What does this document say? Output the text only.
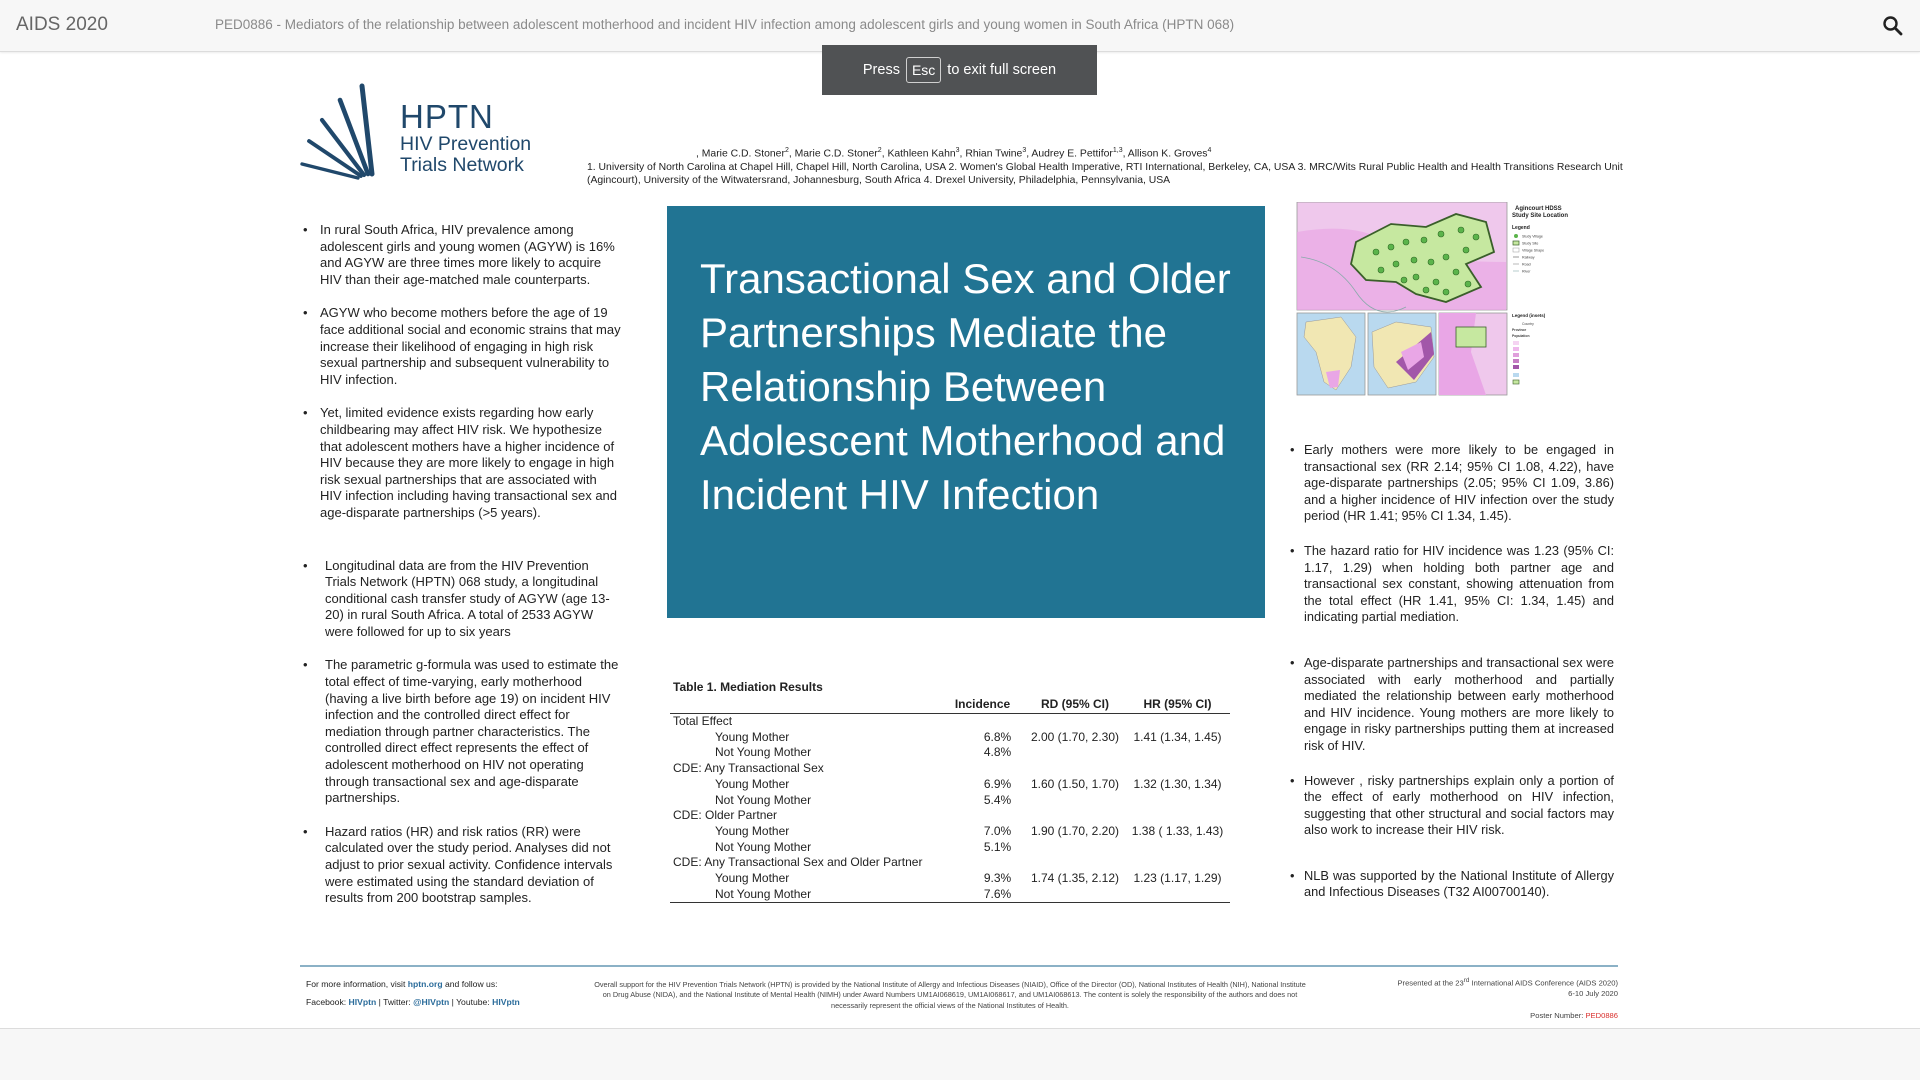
AIDS 2020	PED0886 - Mediators of the relationship between adolescent motherhood and incident HIV infection among adolescent girls and young women in South Africa (HPTN 068)
Press Esc to exit full screen
HPTN
HIV Prevention
Trials Network
, Marie C.D. Stoner$^2$, Marie C.D. Stoner$^2$, Kathleen Kahn$^3$, Rhian Twine$^3$, Audrey E. Pettifor$^{1,3}$, Allison K. Groves$^4$
1. University of North Carolina at Chapel Hill, Chapel Hill, North Carolina, USA 2. Women's Global Health Imperative, RTI International, Berkeley, CA, USA 3. MRC/Wits Rural Public Health and Health Transitions Research Unit (Agincourt), University of the Witwatersrand, Johannesburg, South Africa 4. Drexel University, Philadelphia, Pennsylvania, USA
• In rural South Africa, HIV prevalence among adolescent girls and young women (AGYW) is 16% and AGYW are three times more likely to acquire HIV than their age-matched male counterparts.
• AGYW who become mothers before the age of 19 face additional social and economic strains that may increase their likelihood of engaging in high risk sexual partnership and subsequent vulnerability to HIV infection.
• Yet, limited evidence exists regarding how early childbearing may affect HIV risk. We hypothesize that adolescent mothers have a higher incidence of HIV because they are more likely to engage in high risk sexual partnerships that are associated with HIV infection including having transactional sex and age-disparate partnerships (>5 years).
• Longitudinal data are from the HIV Prevention Trials Network (HPTN) 068 study, a longitudinal conditional cash transfer study of AGYW (age 13-20) in rural South Africa. A total of 2533 AGYW were followed for up to six years
• The parametric g-formula was used to estimate the total effect of time-varying, early motherhood (having a live birth before age 19) on incident HIV infection and the controlled direct effect for mediation through partner characteristics. The controlled direct effect represents the effect of adolescent motherhood on HIV not operating through transactional sex and age-disparate partnerships.
• Hazard ratios (HR) and risk ratios (RR) were calculated over the study period. Analyses did not adjust to prior sexual activity. Confidence intervals were estimated using the standard deviation of results from 200 bootstrap samples.
Transactional Sex and Older Partnerships Mediate the Relationship Between Adolescent Motherhood and Incident HIV Infection
Agincourt HDSS
Study Site Location
Legend
Study Village
Study Site
Village Shape
Railway
Road
River
Legend (insets)
Country
Province
Population

• Early mothers were more likely to be engaged in transactional sex (RR 2.14; 95% CI 1.08, 4.22), have age-disparate partnerships (2.05; 95% CI 1.09, 3.86) and a higher incidence of HIV infection over the study period (HR 1.41; 95% CI 1.34, 1.45).

• The hazard ratio for HIV incidence was 1.23 (95% CI: 1.17, 1.29) when holding both partner age and transactional sex constant, showing attenuation from the total effect (HR 1.41, 95% CI: 1.34, 1.45) and indicating partial mediation.

• Age-disparate partnerships and transactional sex were associated with early motherhood and partially mediated the relationship between early motherhood and HIV incidence. Young mothers are more likely to engage in risky partnerships putting them at increased risk of HIV.

• However , risky partnerships explain only a portion of the effect of early motherhood on HIV infection, suggesting that other structural and social factors may also work to increase their HIV risk.

• NLB was supported by the National Institute of Allergy and Infectious Diseases (T32 AI00700140).

Table 1. Mediation Results
	Incidence	RD (95% CI)	HR (95% CI)
Total Effect			
Young Mother	6.8%	2.00 (1.70, 2.30)	1.41 (1.34, 1.45)
Not Young Mother	4.8%		
CDE: Any Transactional Sex			
Young Mother	6.9%	1.60 (1.50, 1.70)	1.32 (1.30, 1.34)
Not Young Mother	5.4%		
CDE: Older Partner			
Young Mother	7.0%	1.90 (1.70, 2.20)	1.38 ( 1.33, 1.43)
Not Young Mother	5.1%		
CDE: Any Transactional Sex and Older Partner			
Young Mother	9.3%	1.74 (1.35, 2.12)	1.23 (1.17, 1.29)
Not Young Mother	7.6%		
For more information, visit hptn.org and follow us:
Facebook: HIVptn | Twitter: @HIVptn | Youtube: HIVptn
Overall support for the HIV Prevention Trials Network (HPTN) is provided by the National Institute of Allergy and Infectious Diseases (NIAID), Office of the Director (OD), National Institutes of Health (NIH), National Institute on Drug Abuse (NIDA), and the National Institute of Mental Health (NIMH) under Award Numbers UM1AI068619, UM1AI068617, and UM1AI068613. The content is solely the responsibility of the authors and does not necessarily represent the official views of the National Institutes of Health.
Presented at the 23rd International AIDS Conference (AIDS 2020)
6-10 July 2020
Poster Number: PED0886
